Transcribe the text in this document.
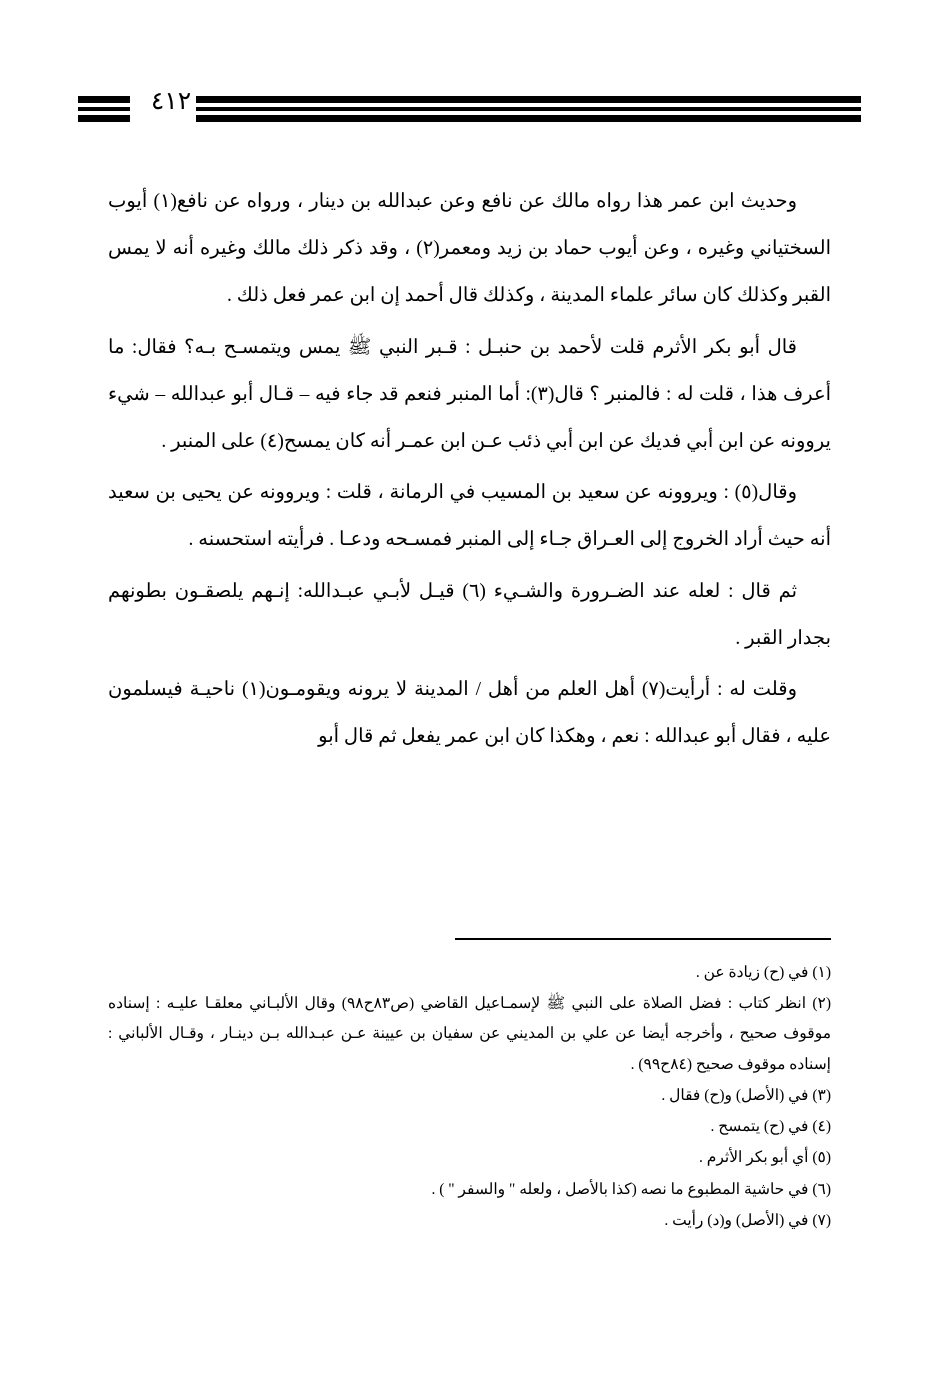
٤١٢

وحديث ابن عمر هذا رواه مالك عن نافع وعن عبدالله بن دينار ، ورواه عن نافع(١) أيوب السختياني وغيره ، وعن أيوب حماد بن زيد ومعمر(٢) ، وقد ذكر ذلك مالك وغيره أنه لا يمس القبر وكذلك كان سائر علماء المدينة ، وكذلك قال أحمد إن ابن عمر فعل ذلك .

قال أبو بكر الأثرم قلت لأحمد بن حنبـل : قـبر النبي ﷺ يمس ويتمسـح بـه؟ فقال: ما أعرف هذا ، قلت له : فالمنبر ؟ قال(٣): أما المنبر فنعم قد جاء فيه – قـال أبو عبدالله – شيء يروونه عن ابن أبي فديك عن ابن أبي ذئب عـن ابن عمـر أنه كان يمسح(٤) على المنبر .

وقال(٥) : ويروونه عن سعيد بن المسيب في الرمانة ، قلت : ويروونه عن يحيى بن سعيد أنه حيث أراد الخروج إلى العـراق جـاء إلى المنبر فمسـحه ودعـا . فرأيته استحسنه .

ثم قال : لعله عند الضـرورة والشـيء (٦) قيـل لأبـي عبـدالله: إنـهم يلصقـون بطونهم بجدار القبر .

وقلت له : أرأيت(٧) أهل العلم من أهل / المدينة لا يرونه ويقومـون(١) ناحيـة فيسلمون عليه ، فقال أبو عبدالله : نعم ، وهكذا كان ابن عمر يفعل ثم قال أبو

(١) في (ح) زيادة عن .

(٢) انظر كتاب : فضل الصلاة على النبي ﷺ لإسمـاعيل القاضي (ص٨٣ح٩٨) وقال الألبـاني معلقـا عليـه : إسناده موقوف صحيح ، وأخرجه أيضا عن علي بن المديني عن سفيان بن عيينة عـن عبـدالله بـن دينـار ، وقـال الألباني : إسناده موقوف صحيح (٨٤ح٩٩) .

(٣) في (الأصل) و(ح) فقال .

(٤) في (ح) يتمسح .

(٥) أي أبو بكر الأثرم .

(٦) في حاشية المطبوع ما نصه (كذا بالأصل ، ولعله " والسفر " ) .

(٧) في (الأصل) و(د) رأيت .
